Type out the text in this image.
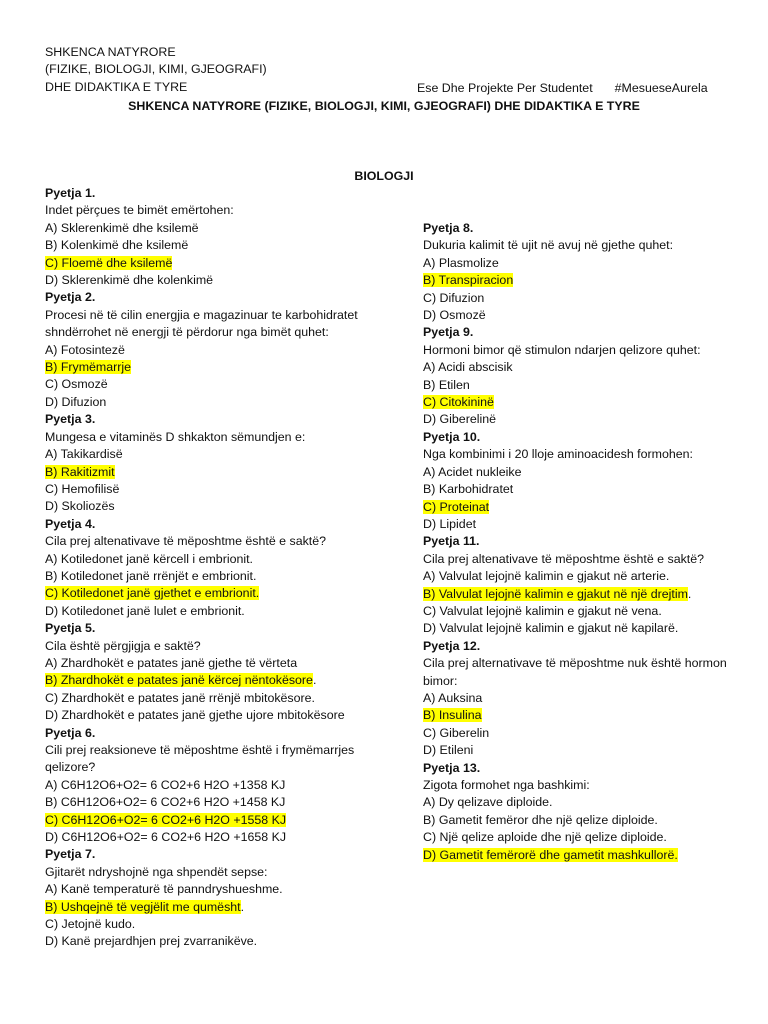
SHKENCA NATYRORE
(FIZIKE, BIOLOGJI, KIMI, GJEOGRAFI)
DHE DIDAKTIKA E TYRE	Ese Dhe Projekte Per Studentet #MesueseAurela
SHKENCA NATYRORE (FIZIKE, BIOLOGJI, KIMI, GJEOGRAFI) DHE DIDAKTIKA E TYRE
BIOLOGJI
Pyetja 1.
Indet përçues te bimët emërtohen:
A) Sklerenkimë dhe ksilemë
B) Kolenkimë dhe ksilemë
C) Floemë dhe ksilemë
D) Sklerenkimë dhe kolenkimë
Pyetja 2.
Procesi në të cilin energjia e magazinuar te karbohidratet shndërrohet në energji të përdorur nga bimët quhet:
A) Fotosintezë
B) Frymëmarrje
C) Osmozë
D) Difuzion
Pyetja 3.
Mungesa e vitaminës D shkakton sëmundjen e:
A) Takikardisë
B) Rakitizmit
C) Hemofilisë
D) Skoliozës
Pyetja 4.
Cila prej altenativave të mëposhtme është e saktë?
A) Kotiledonet janë kërcell i embrionit.
B) Kotiledonet janë rrënjët e embrionit.
C) Kotiledonet janë gjethet e embrionit.
D) Kotiledonet janë lulet e embrionit.
Pyetja 5.
Cila është përgjigja e saktë?
A) Zhardhokët e patates janë gjethe të vërteta
B) Zhardhokët e patates janë kërcej nëntokësore.
C) Zhardhokët e patates janë rrënjë mbitokësore.
D) Zhardhokët e patates janë gjethe ujore mbitokësore
Pyetja 6.
Cili prej reaksioneve të mëposhtme është i frymëmarrjes qelizore?
A) C6H12O6+O2= 6 CO2+6 H2O +1358 KJ
B) C6H12O6+O2= 6 CO2+6 H2O +1458 KJ
C) C6H12O6+O2= 6 CO2+6 H2O +1558 KJ
D) C6H12O6+O2= 6 CO2+6 H2O +1658 KJ
Pyetja 7.
Gjitarët ndryshojnë nga shpendët sepse:
A) Kanë temperaturë të panndryshueshme.
B) Ushqejnë të vegjëlit me qumësht.
C) Jetojnë kudo.
D) Kanë prejardhjen prej zvarranikëve.
Pyetja 8.
Dukuria kalimit të ujit në avuj në gjethe quhet:
A) Plasmolize
B) Transpiracion
C) Difuzion
D) Osmozë
Pyetja 9.
Hormoni bimor që stimulon ndarjen qelizore quhet:
A) Acidi abscisik
B) Etilen
C) Citokininë
D) Giberelinë
Pyetja 10.
Nga kombinimi i 20 lloje aminoacidesh formohen:
A) Acidet nukleike
B) Karbohidratet
C) Proteinat
D) Lipidet
Pyetja 11.
Cila prej altenativave të mëposhtme është e saktë?
A) Valvulat lejojnë kalimin e gjakut në arterie.
B) Valvulat lejojnë kalimin e gjakut në një drejtim.
C) Valvulat lejojnë kalimin e gjakut në vena.
D) Valvulat lejojnë kalimin e gjakut në kapilarë.
Pyetja 12.
Cila prej alternativave të mëposhtme nuk është hormon bimor:
A) Auksina
B) Insulina
C) Giberelin
D) Etileni
Pyetja 13.
Zigota formohet nga bashkimi:
A) Dy qelizave diploide.
B) Gametit femëror dhe një qelize diploide.
C) Një qelize aploide dhe një qelize diploide.
D) Gametit femërorë dhe gametit mashkullorë.
